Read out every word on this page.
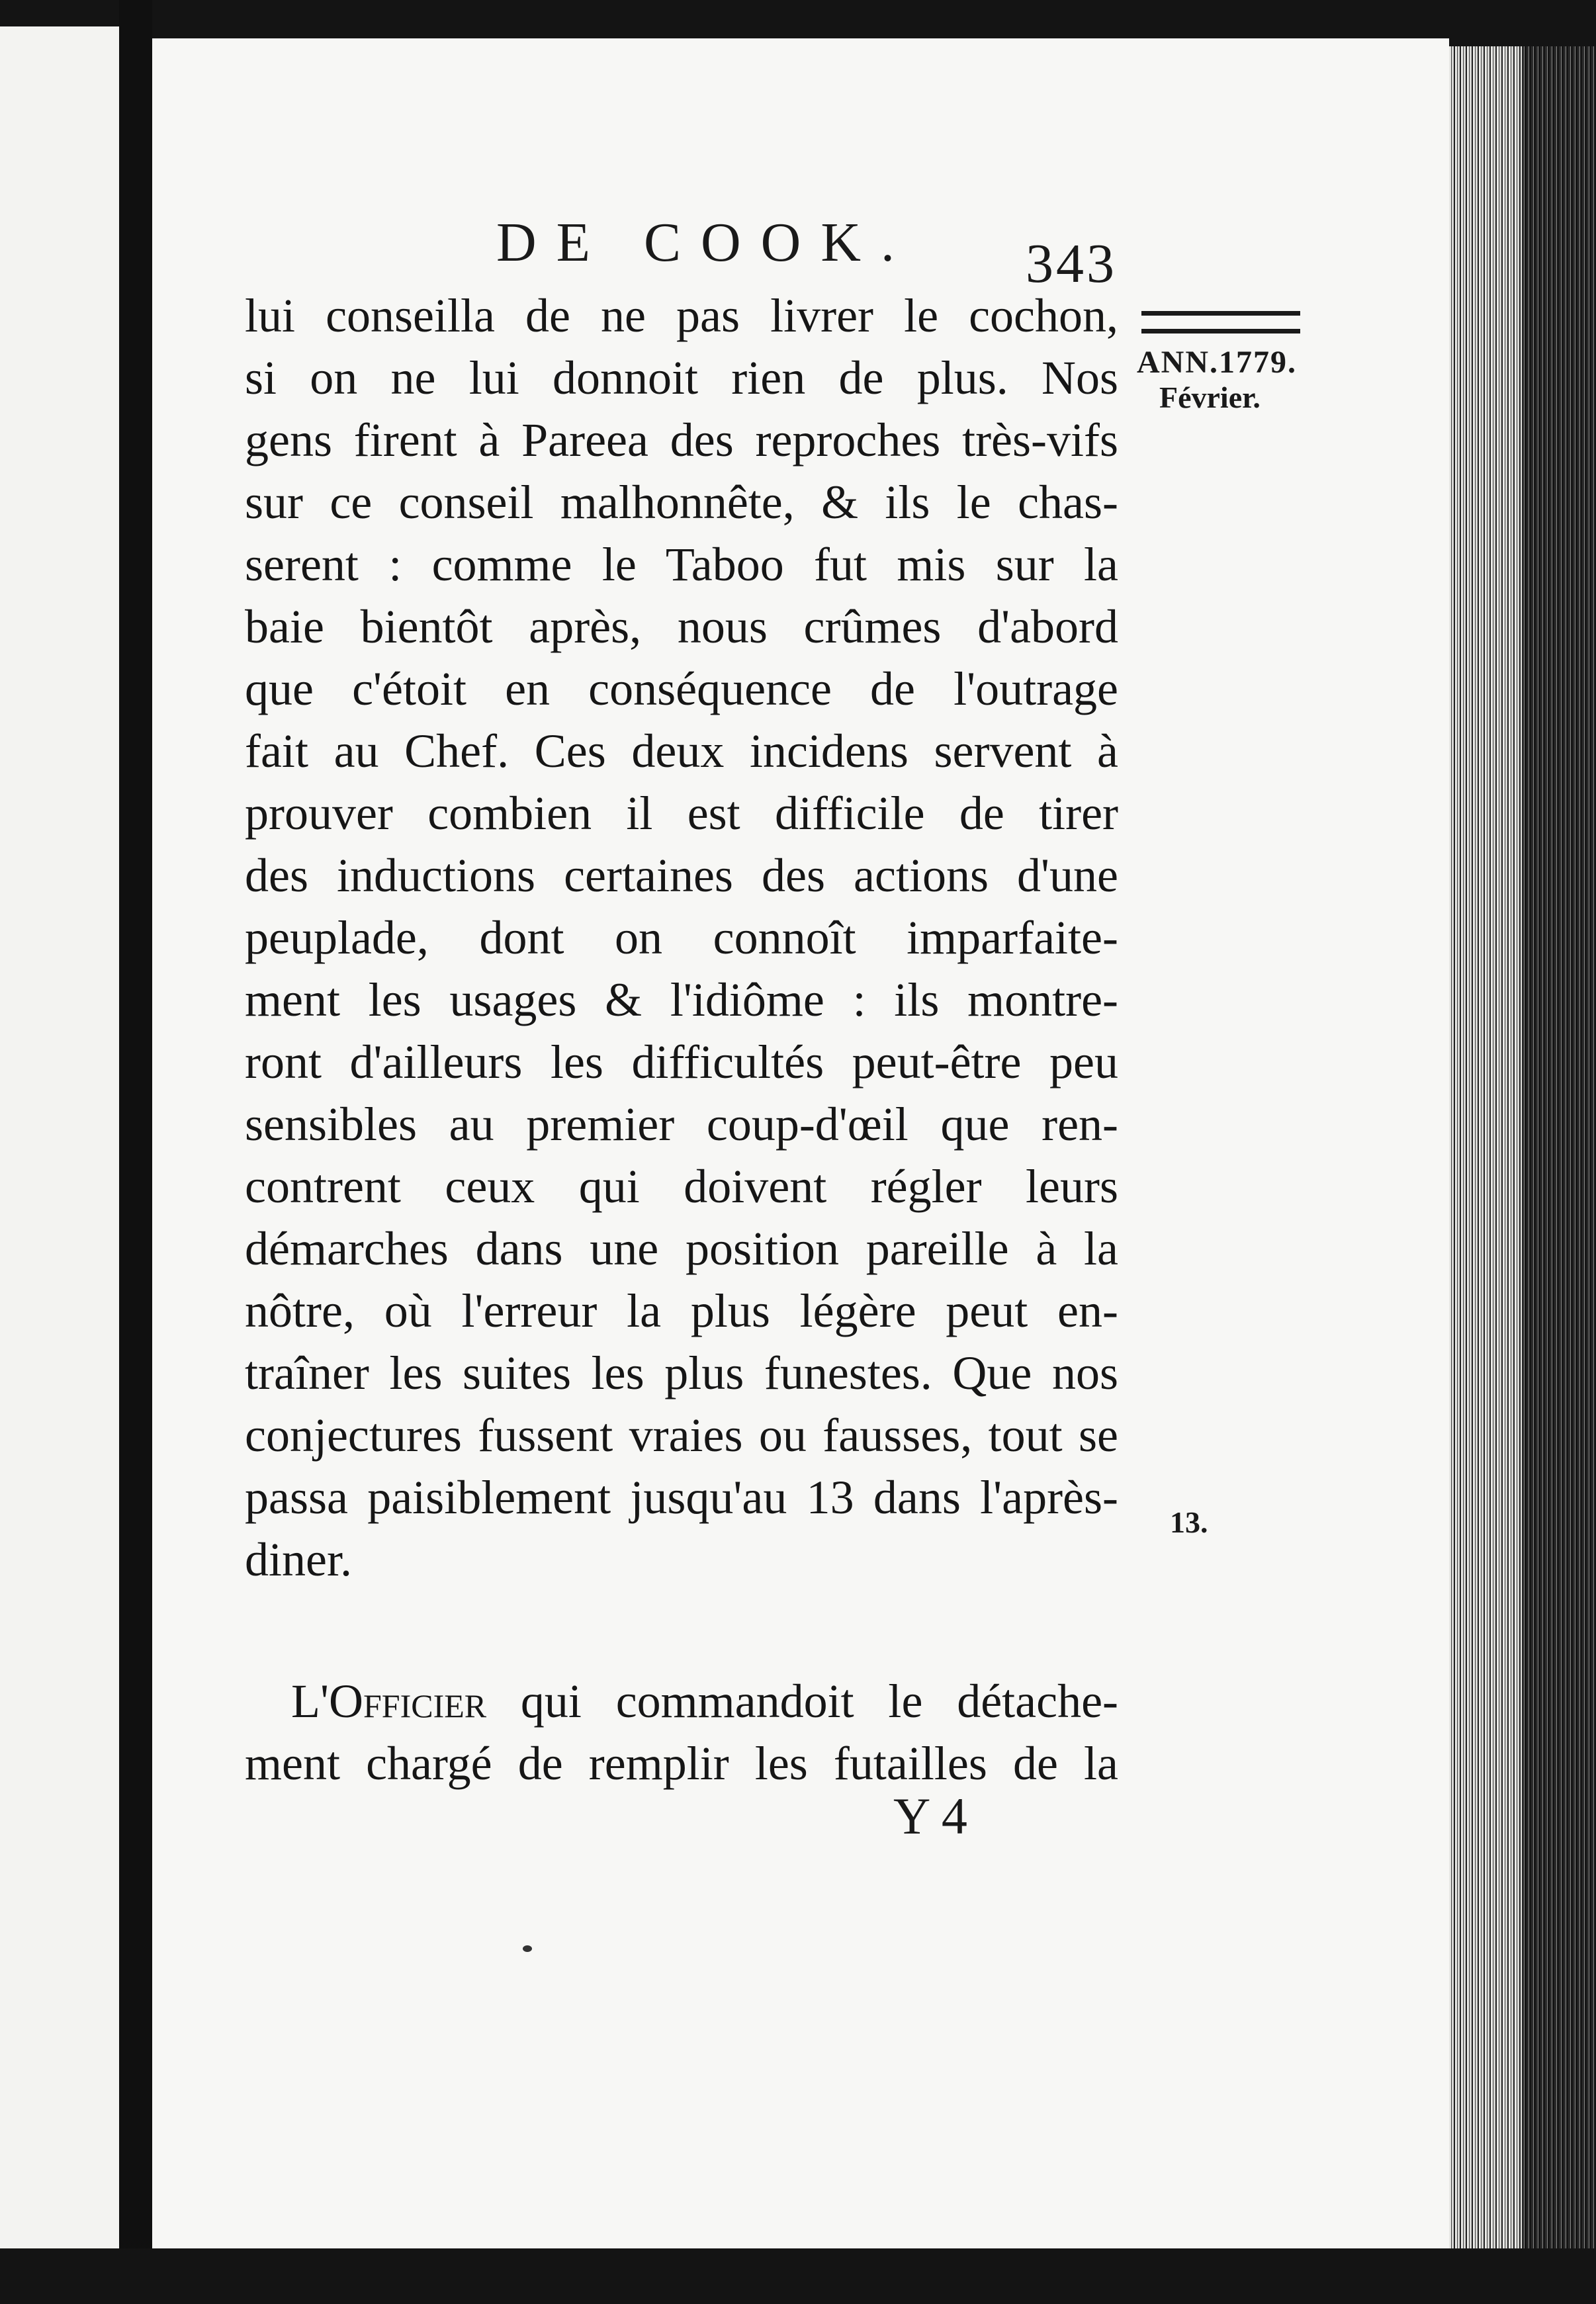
DE COOK. 343
ANN.1779.
Février.
13.
lui conseilla de ne pas livrer le cochon,
si on ne lui donnoit rien de plus. Nos
gens firent à Pareea des reproches très-vifs
sur ce conseil malhonnête, & ils le chas-
serent : comme le Taboo fut mis sur la
baie bientôt après, nous crûmes d'abord
que c'étoit en conséquence de l'outrage
fait au Chef. Ces deux incidens servent à
prouver combien il est difficile de tirer
des inductions certaines des actions d'une
peuplade, dont on connoît imparfaite-
ment les usages & l'idiôme : ils montre-
ront d'ailleurs les difficultés peut-être peu
sensibles au premier coup-d'œil que ren-
contrent ceux qui doivent régler leurs
démarches dans une position pareille à la
nôtre, où l'erreur la plus légère peut en-
traîner les suites les plus funestes. Que nos
conjectures fussent vraies ou fausses, tout se
passa paisiblement jusqu'au 13 dans l'après-
diner.
L'Officier qui commandoit le détache-
ment chargé de remplir les futailles de la
Y 4
